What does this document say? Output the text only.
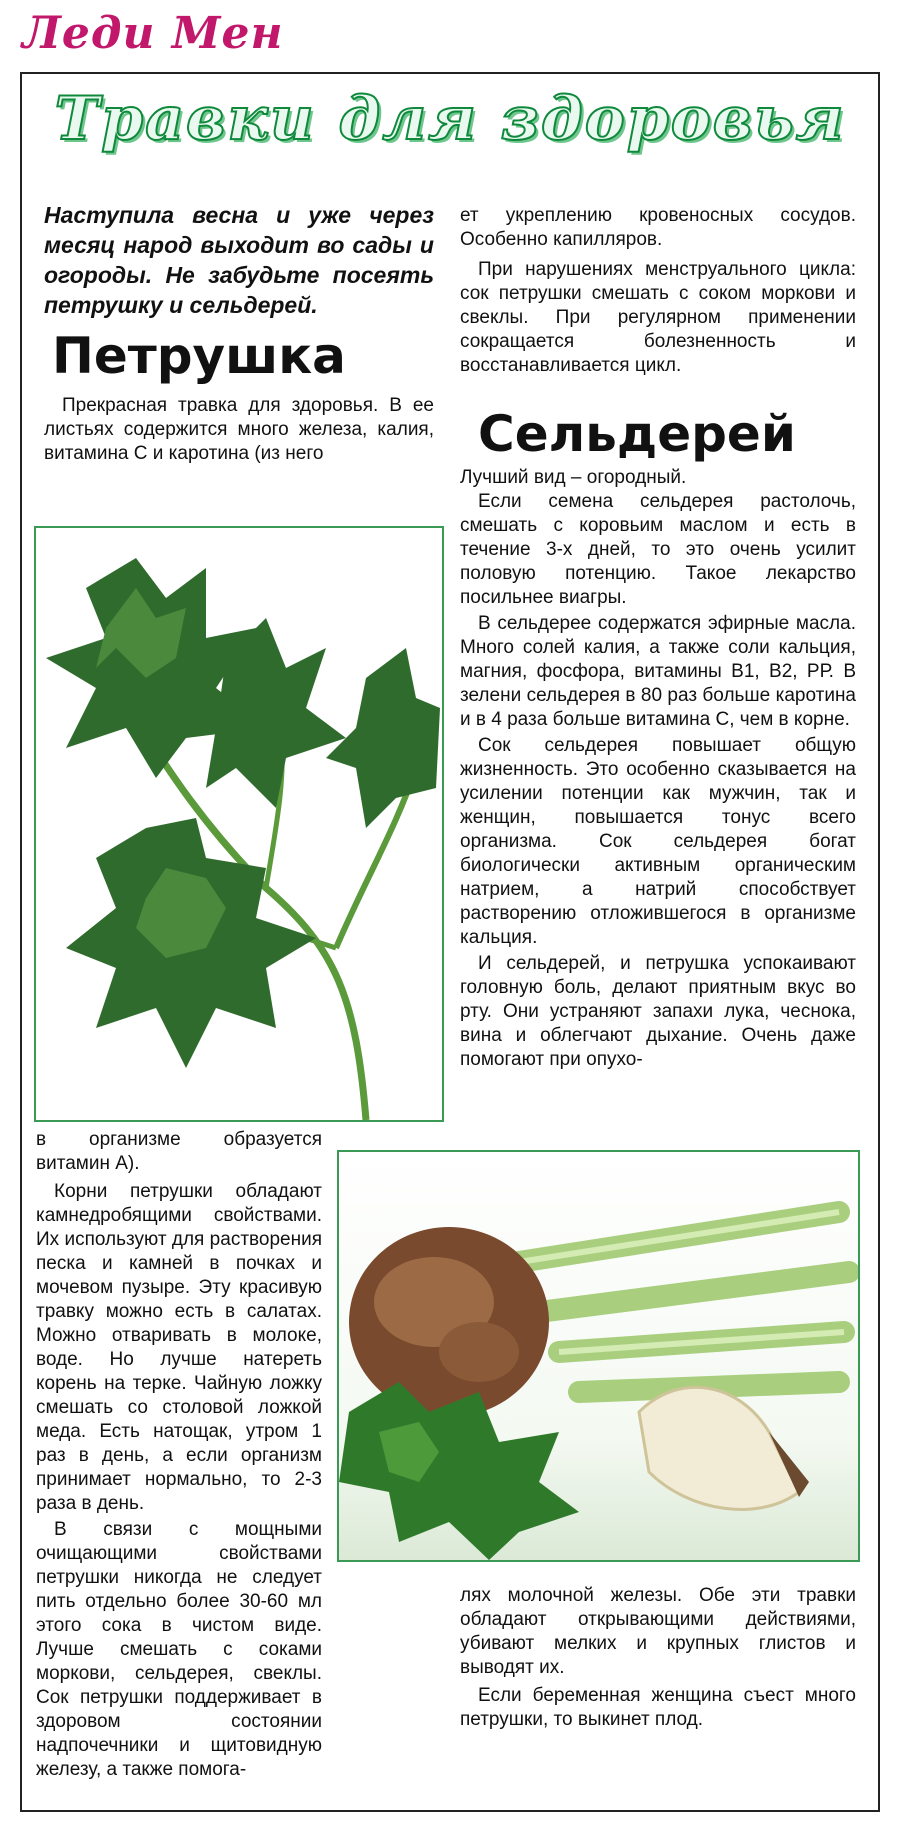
Леди Мен
Травки для здоровья

Наступила весна и уже через месяц народ выходит во сады и огороды. Не забудьте посеять петрушку и сельдерей.

Петрушка

Прекрасная травка для здоровья. В ее листьях содержится много железа, калия, витамина С и каротина (из него

ет укреплению кровеносных сосудов. Особенно капилляров.

При нарушениях менструального цикла: сок петрушки смешать с соком моркови и свеклы. При регулярном применении сокращается болезненность и восстанавливается цикл.

Сельдерей

Лучший вид – огородный.

Если семена сельдерея растолочь, смешать с коровьим маслом и есть в течение 3-х дней, то это очень усилит половую потенцию. Такое лекарство посильнее виагры.

В сельдерее содержатся эфирные масла. Много солей калия, а также соли кальция, магния, фосфора, витамины В1, В2, РР. В зелени сельдерея в 80 раз больше каротина и в 4 раза больше витамина С, чем в корне.

Сок сельдерея повышает общую жизненность. Это особенно сказывается на усилении потенции как мужчин, так и женщин, повышается тонус всего организма. Сок сельдерея богат биологически активным органическим натрием, а натрий способствует растворению отложившегося в организме кальция.

И сельдерей, и петрушка успокаивают головную боль, делают приятным вкус во рту. Они устраняют запахи лука, чеснока, вина и облегчают дыхание. Очень даже помогают при опухо-

в организме образуется витамин А).

Корни петрушки обладают камнедробящими свойствами. Их используют для растворения песка и камней в почках и мочевом пузыре. Эту красивую травку можно есть в салатах. Можно отваривать в молоке, воде. Но лучше натереть корень на терке. Чайную ложку смешать со столовой ложкой меда. Есть натощак, утром 1 раз в день, а если организм принимает нормально, то 2-3 раза в день.

В связи с мощными очищающими свойствами петрушки никогда не следует пить отдельно более 30-60 мл этого сока в чистом виде. Лучше смешать с соками моркови, сельдерея, свеклы. Сок петрушки поддерживает в здоровом состоянии надпочечники и щитовидную железу, а также помога-

лях молочной железы. Обе эти травки обладают открывающими действиями, убивают мелких и крупных глистов и выводят их.

Если беременная женщина съест много петрушки, то выкинет плод.
